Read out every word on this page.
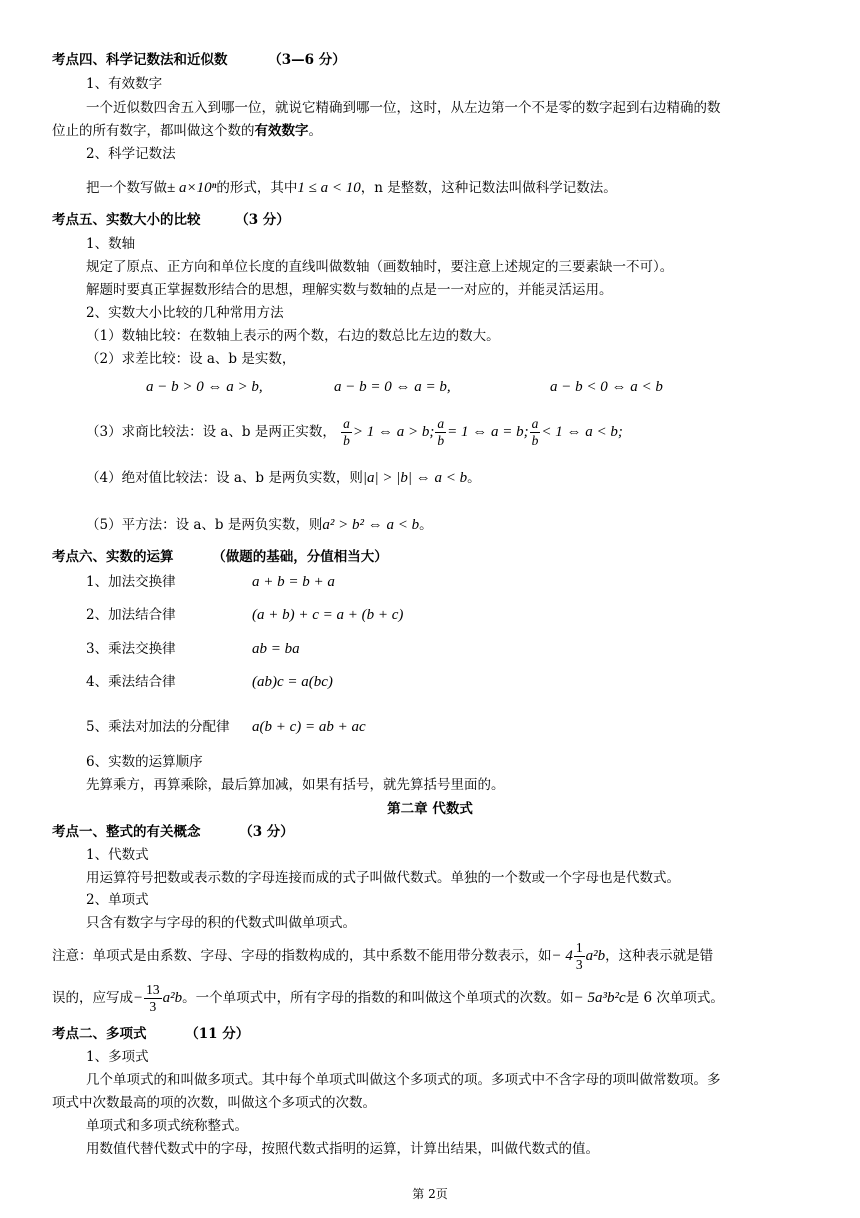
考点四、科学记数法和近似数	（3—6 分）
1、有效数字
一个近似数四舍五入到哪一位，就说它精确到哪一位，这时，从左边第一个不是零的数字起到右边精确的数
位止的所有数字，都叫做这个数的有效数字。
2、科学记数法
把一个数写做± a×10ⁿ的形式，其中1 ≤ a < 10，n 是整数，这种记数法叫做科学记数法。
考点五、实数大小的比较	（3 分）
1、数轴
规定了原点、正方向和单位长度的直线叫做数轴（画数轴时，要注意上述规定的三要素缺一不可）。
解题时要真正掌握数形结合的思想，理解实数与数轴的点是一一对应的，并能灵活运用。
2、实数大小比较的几种常用方法
（1）数轴比较：在数轴上表示的两个数，右边的数总比左边的数大。
（2）求差比较：设 a、b 是实数，
a − b > 0 ⇔ a > b,	a − b = 0 ⇔ a = b,	a − b < 0 ⇔ a < b
（3）求商比较法：设 a、b 是两正实数， $\frac{a}{b} > 1$ ⇔ a > b; $\frac{a}{b} = 1$ ⇔ a = b; $\frac{a}{b} < 1$ ⇔ a < b;
（4）绝对值比较法：设 a、b 是两负实数，则|a| > |b| ⇔ a < b。
（5）平方法：设 a、b 是两负实数，则a² > b² ⇔ a < b。
考点六、实数的运算	（做题的基础，分值相当大）
1、加法交换律	a + b = b + a
2、加法结合律	(a + b) + c = a + (b + c)
3、乘法交换律	ab = ba
4、乘法结合律	(ab)c = a(bc)
5、乘法对加法的分配律 a(b + c) = ab + ac
6、实数的运算顺序
先算乘方，再算乘除，最后算加减，如果有括号，就先算括号里面的。
第二章 代数式
考点一、整式的有关概念	（3 分）
1、代数式
用运算符号把数或表示数的字母连接而成的式子叫做代数式。单独的一个数或一个字母也是代数式。
2、单项式
只含有数字与字母的积的代数式叫做单项式。
注意：单项式是由系数、字母、字母的指数构成的，其中系数不能用带分数表示，如− $4 \frac{1}{3} a^2b$，这种表示就是错
误的，应写成− $\frac{13}{3} a^2b$。一个单项式中，所有字母的指数的和叫做这个单项式的次数。如− 5a³b²c是 6 次单项式。
考点二、多项式	（11 分）
1、多项式
几个单项式的和叫做多项式。其中每个单项式叫做这个多项式的项。多项式中不含字母的项叫做常数项。多
项式中次数最高的项的次数，叫做这个多项式的次数。
单项式和多项式统称整式。
用数值代替代数式中的字母，按照代数式指明的运算，计算出结果，叫做代数式的值。
第 2页
